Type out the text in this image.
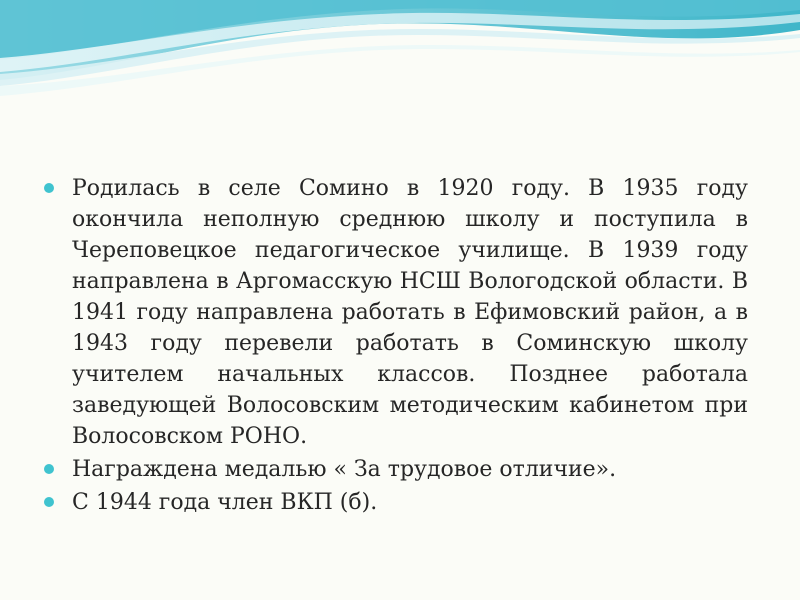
Родилась в селе Сомино в 1920 году. В 1935 году окончила неполную среднюю школу и поступила в Череповецкое педагогическое училище. В 1939 году направлена в Аргомасскую НСШ Вологодской области. В 1941 году направлена работать в Ефимовский район, а в 1943 году перевели работать в Соминскую школу учителем начальных классов. Позднее работала заведующей Волосовским методическим кабинетом при Волосовском РОНО.
Награждена медалью « За трудовое отличие».
С 1944 года член ВКП (б).
